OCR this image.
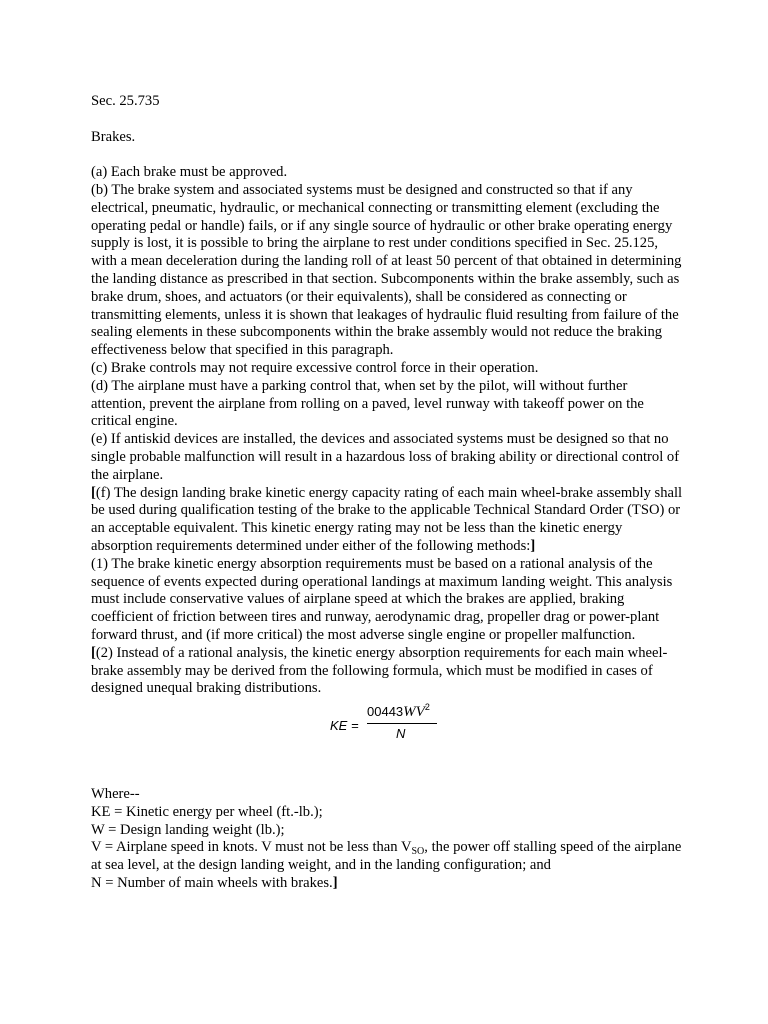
Sec. 25.735

Brakes.

(a) Each brake must be approved.

(b) The brake system and associated systems must be designed and constructed so that if any electrical, pneumatic, hydraulic, or mechanical connecting or transmitting element (excluding the operating pedal or handle) fails, or if any single source of hydraulic or other brake operating energy supply is lost, it is possible to bring the airplane to rest under conditions specified in Sec. 25.125, with a mean deceleration during the landing roll of at least 50 percent of that obtained in determining the landing distance as prescribed in that section. Subcomponents within the brake assembly, such as brake drum, shoes, and actuators (or their equivalents), shall be considered as connecting or transmitting elements, unless it is shown that leakages of hydraulic fluid resulting from failure of the sealing elements in these subcomponents within the brake assembly would not reduce the braking effectiveness below that specified in this paragraph.

(c) Brake controls may not require excessive control force in their operation.

(d) The airplane must have a parking control that, when set by the pilot, will without further attention, prevent the airplane from rolling on a paved, level runway with takeoff power on the critical engine.

(e) If antiskid devices are installed, the devices and associated systems must be designed so that no single probable malfunction will result in a hazardous loss of braking ability or directional control of the airplane.

[(f) The design landing brake kinetic energy capacity rating of each main wheel-brake assembly shall be used during qualification testing of the brake to the applicable Technical Standard Order (TSO) or an acceptable equivalent. This kinetic energy rating may not be less than the kinetic energy absorption requirements determined under either of the following methods:]

(1) The brake kinetic energy absorption requirements must be based on a rational analysis of the sequence of events expected during operational landings at maximum landing weight. This analysis must include conservative values of airplane speed at which the brakes are applied, braking coefficient of friction between tires and runway, aerodynamic drag, propeller drag or power-plant forward thrust, and (if more critical) the most adverse single engine or propeller malfunction.

[(2) Instead of a rational analysis, the kinetic energy absorption requirements for each main wheel-brake assembly may be derived from the following formula, which must be modified in cases of designed unequal braking distributions.

KE =
$00443WV^2$
N

Where--

KE = Kinetic energy per wheel (ft.-lb.);

W = Design landing weight (lb.);

V = Airplane speed in knots. V must not be less than $V_{SO}$, the power off stalling speed of the airplane at sea level, at the design landing weight, and in the landing configuration; and

N = Number of main wheels with brakes.]
